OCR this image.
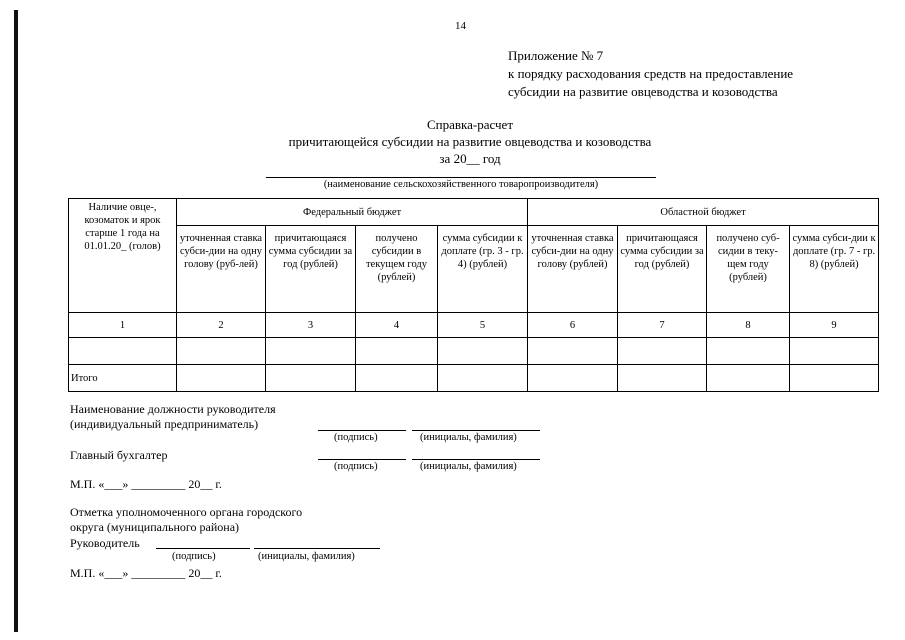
14
Приложение № 7
к порядку расходования средств на предоставление
субсидии на развитие овцеводства и козоводства
Справка-расчет
причитающейся субсидии на развитие овцеводства и козоводства
за 20__ год
(наименование сельскохозяйственного товаропроизводителя)
Наличие овце-, козоматок и ярок старше 1 года на 01.01.20_ (голов)	Федеральный бюджет				Областной бюджет			
	уточненная ставка субси-дии на одну голову (руб-лей)	причитающаяся сумма субсидии за год (рублей)	получено субсидии в текущем году (рублей)	сумма субсидии к доплате (гр. 3 - гр. 4) (рублей)	уточненная ставка субси-дии на одну голову (рублей)	причитающаяся сумма субсидии за год (рублей)	получено суб-сидии в теку-щем году (рублей)	сумма субси-дии к доплате (гр. 7 - гр. 8) (рублей)
1	2	3	4	5	6	7	8	9

Итого								
Наименование должности руководителя
(индивидуальный предприниматель)
(подпись)	(инициалы, фамилия)
Главный бухгалтер
(подпись)	(инициалы, фамилия)
М.П. «___» _________ 20__ г.
Отметка уполномоченного органа городского
округа (муниципального района)
Руководитель
(подпись)	(инициалы, фамилия)
М.П. «___» _________ 20__ г.
